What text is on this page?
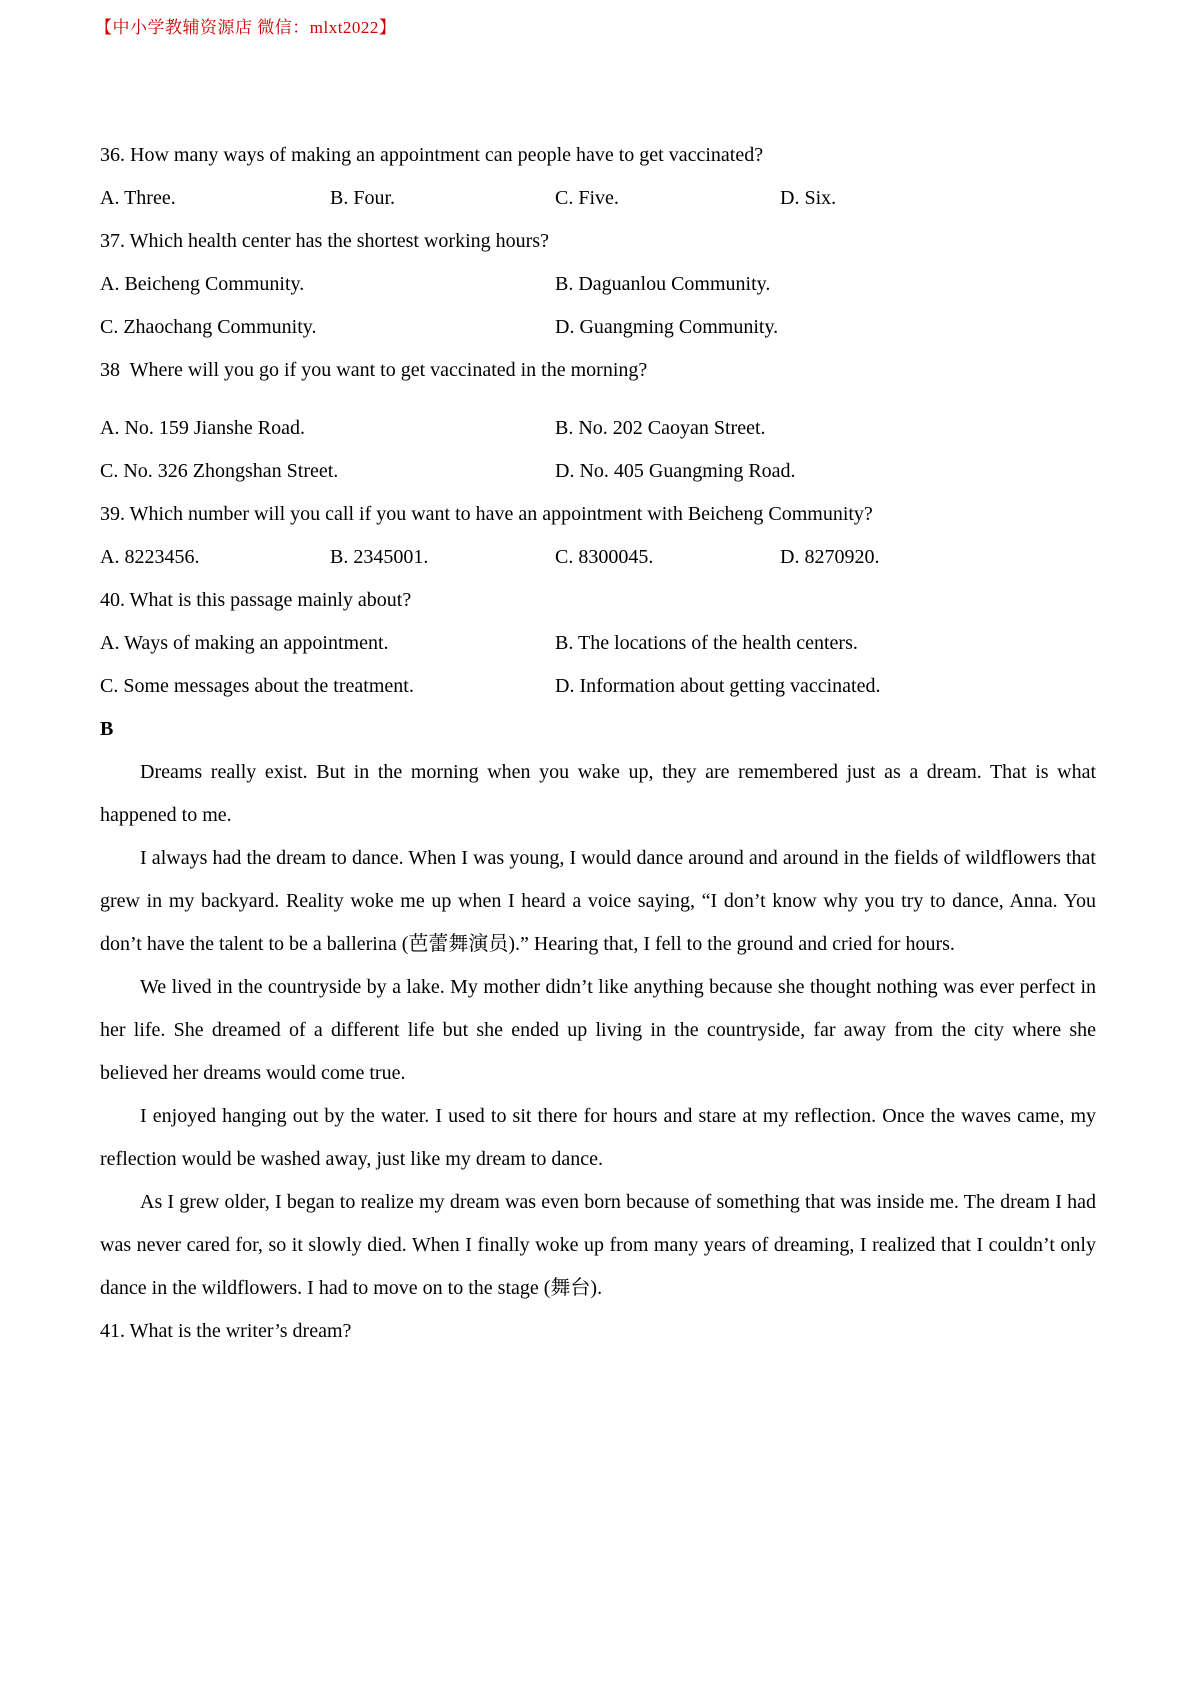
【中小学教辅资源店 微信：mlxt2022】
36. How many ways of making an appointment can people have to get vaccinated?
A. Three.	B. Four.	C. Five.	D. Six.
37. Which health center has the shortest working hours?
A. Beicheng Community.	B. Daguanlou Community.
C. Zhaochang Community.	D. Guangming Community.
38  Where will you go if you want to get vaccinated in the morning?
A. No. 159 Jianshe Road.	B. No. 202 Caoyan Street.
C. No. 326 Zhongshan Street.	D. No. 405 Guangming Road.
39. Which number will you call if you want to have an appointment with Beicheng Community?
A. 8223456.	B. 2345001.	C. 8300045.	D. 8270920.
40. What is this passage mainly about?
A. Ways of making an appointment.	B. The locations of the health centers.
C. Some messages about the treatment.	D. Information about getting vaccinated.
B

Dreams really exist. But in the morning when you wake up, they are remembered just as a dream. That is what happened to me.

I always had the dream to dance. When I was young, I would dance around and around in the fields of wildflowers that grew in my backyard. Reality woke me up when I heard a voice saying, “I don’t know why you try to dance, Anna. You don’t have the talent to be a ballerina (芭蕾舞演员).” Hearing that, I fell to the ground and cried for hours.

We lived in the countryside by a lake. My mother didn’t like anything because she thought nothing was ever perfect in her life. She dreamed of a different life but she ended up living in the countryside, far away from the city where she believed her dreams would come true.

I enjoyed hanging out by the water. I used to sit there for hours and stare at my reflection. Once the waves came, my reflection would be washed away, just like my dream to dance.

As I grew older, I began to realize my dream was even born because of something that was inside me. The dream I had was never cared for, so it slowly died. When I finally woke up from many years of dreaming, I realized that I couldn’t only dance in the wildflowers. I had to move on to the stage (舞台).

41. What is the writer’s dream?
